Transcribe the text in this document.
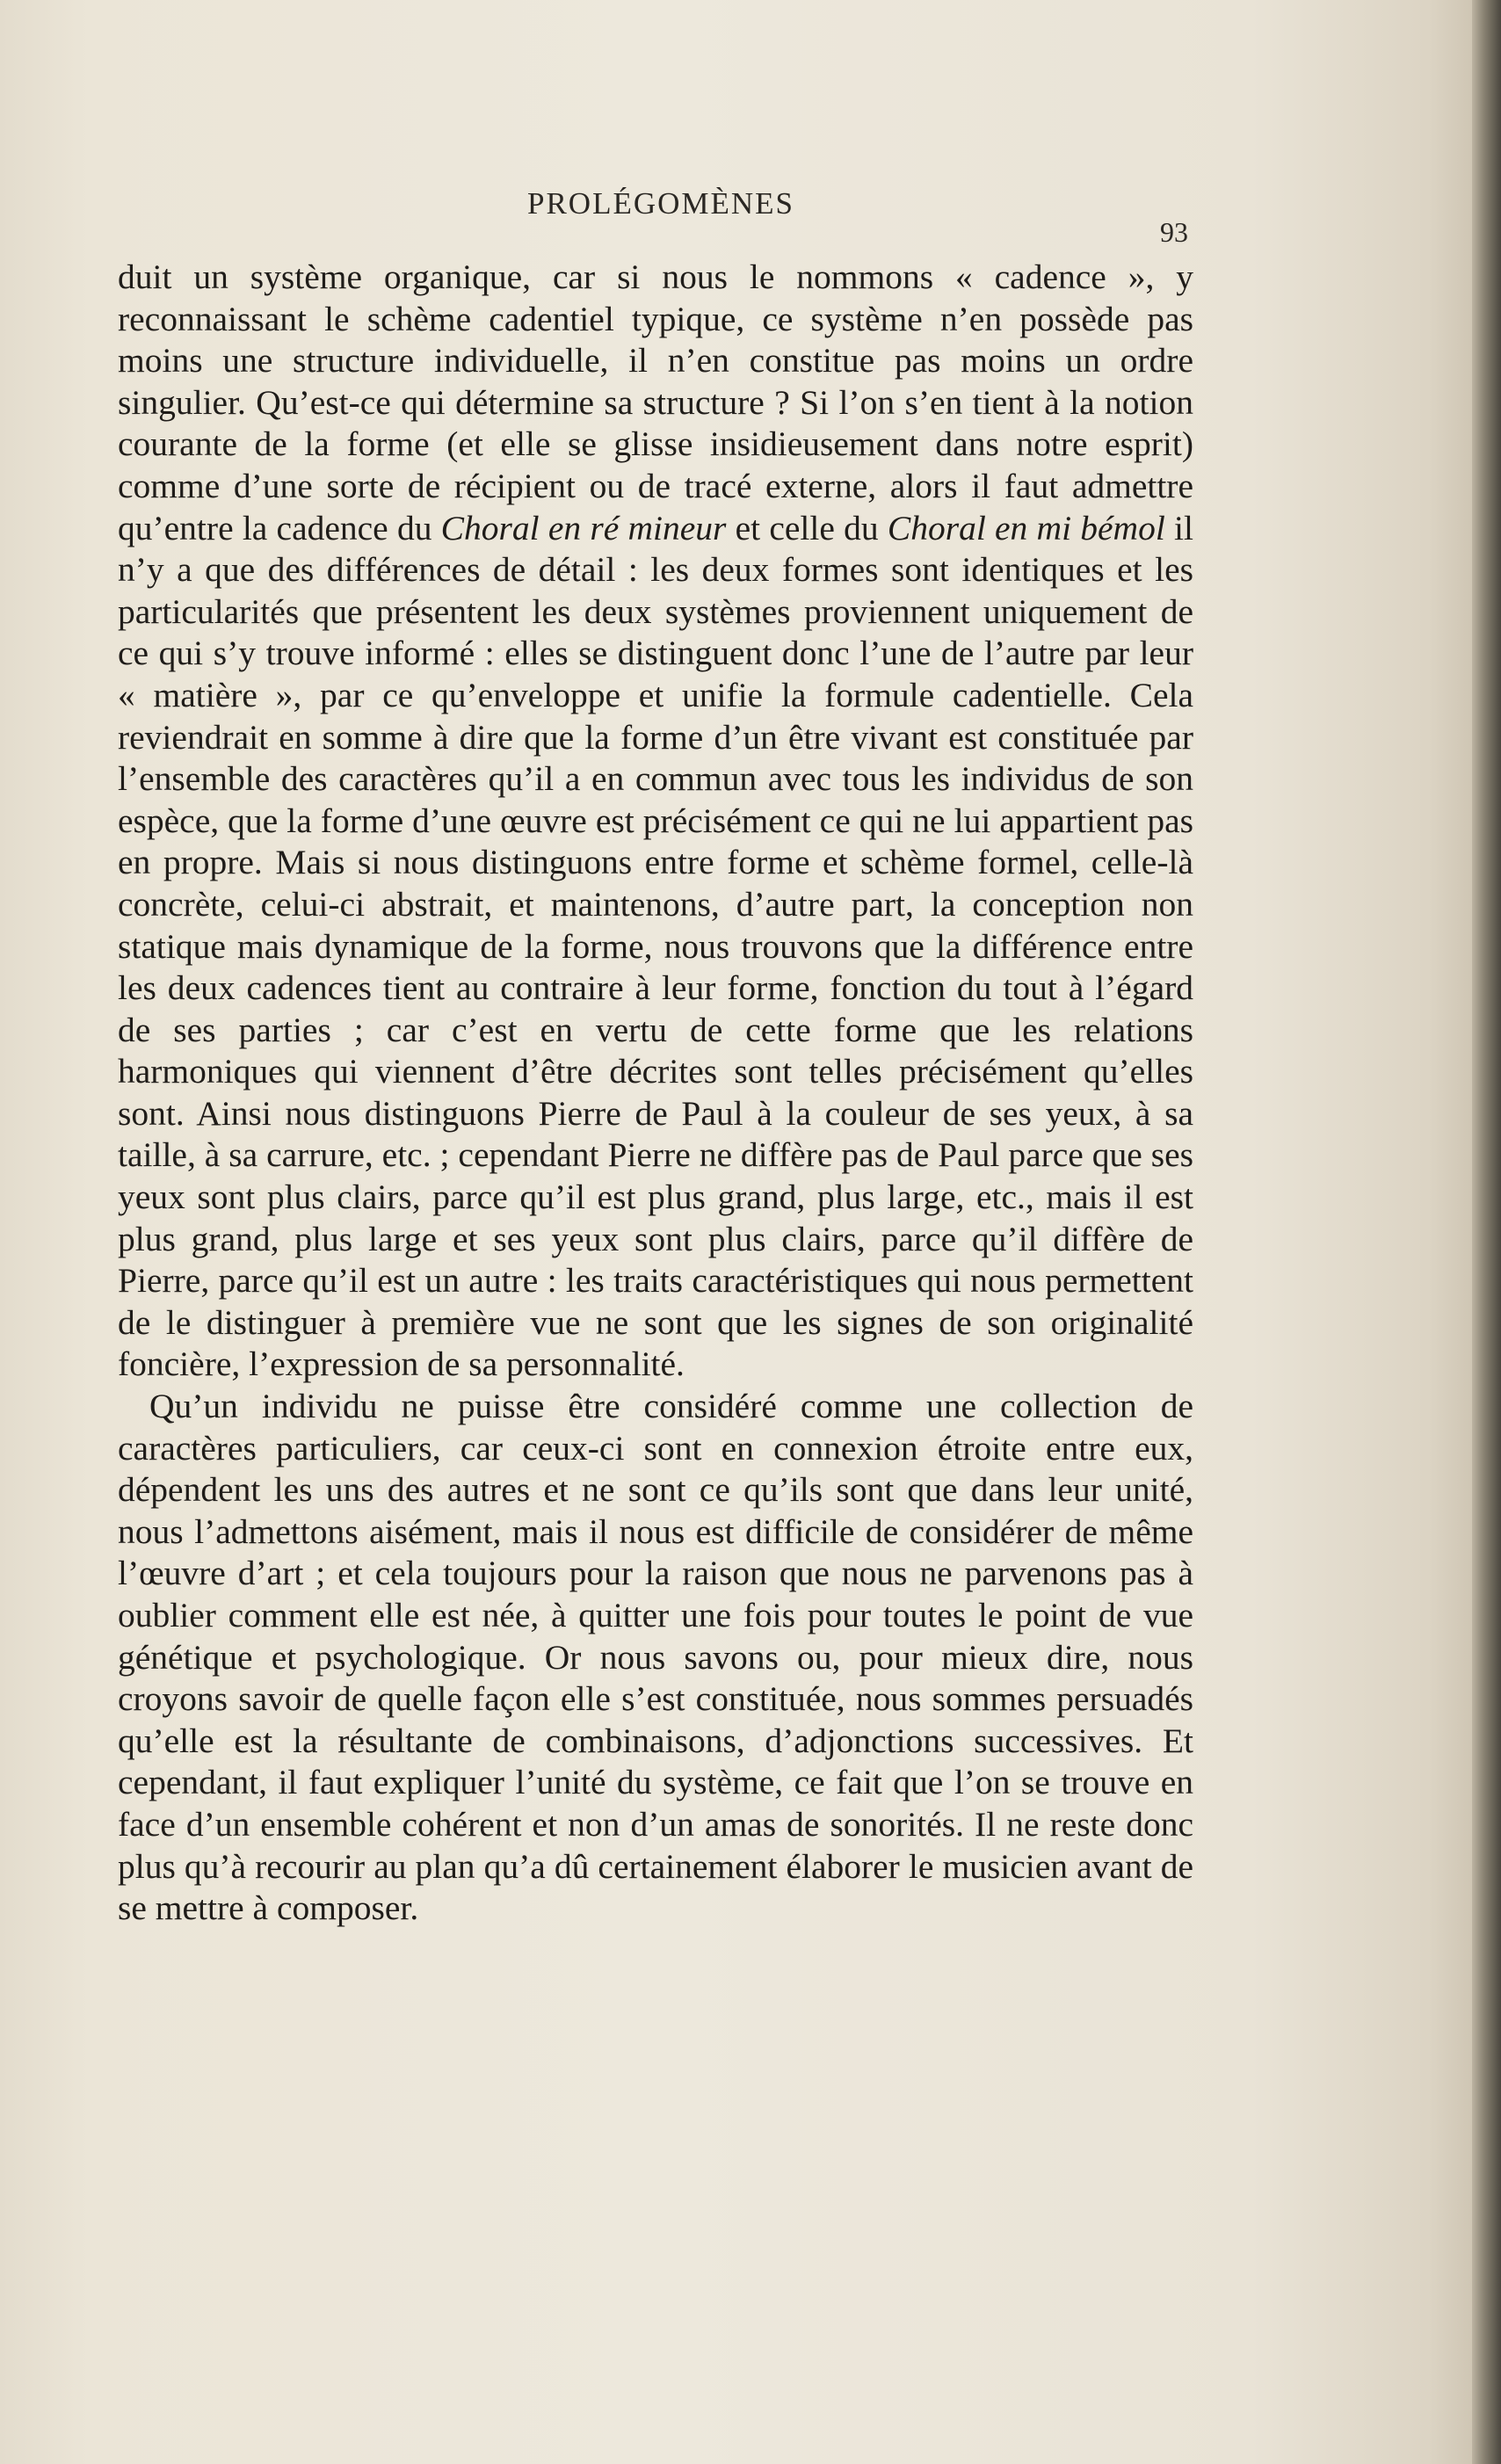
PROLÉGOMÈNES
93

duit un système organique, car si nous le nommons « cadence », y reconnaissant le schème cadentiel typique, ce système n’en possède pas moins une structure individuelle, il n’en constitue pas moins un ordre singulier. Qu’est-ce qui détermine sa structure ? Si l’on s’en tient à la notion courante de la forme (et elle se glisse insidieusement dans notre esprit) comme d’une sorte de récipient ou de tracé externe, alors il faut admettre qu’entre la cadence du Choral en ré mineur et celle du Choral en mi bémol il n’y a que des différences de détail : les deux formes sont identiques et les particularités que présentent les deux systèmes proviennent uniquement de ce qui s’y trouve informé : elles se distinguent donc l’une de l’autre par leur « matière », par ce qu’enveloppe et unifie la formule cadentielle. Cela reviendrait en somme à dire que la forme d’un être vivant est constituée par l’ensemble des caractères qu’il a en commun avec tous les individus de son espèce, que la forme d’une œuvre est précisément ce qui ne lui appartient pas en propre. Mais si nous distinguons entre forme et schème formel, celle-là concrète, celui-ci abstrait, et maintenons, d’autre part, la conception non statique mais dynamique de la forme, nous trouvons que la différence entre les deux cadences tient au contraire à leur forme, fonction du tout à l’égard de ses parties ; car c’est en vertu de cette forme que les relations harmoniques qui viennent d’être décrites sont telles précisément qu’elles sont. Ainsi nous distinguons Pierre de Paul à la couleur de ses yeux, à sa taille, à sa carrure, etc. ; cependant Pierre ne diffère pas de Paul parce que ses yeux sont plus clairs, parce qu’il est plus grand, plus large, etc., mais il est plus grand, plus large et ses yeux sont plus clairs, parce qu’il diffère de Pierre, parce qu’il est un autre : les traits caractéristiques qui nous permettent de le distinguer à première vue ne sont que les signes de son originalité foncière, l’expression de sa personnalité.

Qu’un individu ne puisse être considéré comme une collection de caractères particuliers, car ceux-ci sont en connexion étroite entre eux, dépendent les uns des autres et ne sont ce qu’ils sont que dans leur unité, nous l’admettons aisément, mais il nous est difficile de considérer de même l’œuvre d’art ; et cela toujours pour la raison que nous ne parvenons pas à oublier comment elle est née, à quitter une fois pour toutes le point de vue génétique et psychologique. Or nous savons ou, pour mieux dire, nous croyons savoir de quelle façon elle s’est constituée, nous sommes persuadés qu’elle est la résultante de combinaisons, d’adjonctions successives. Et cependant, il faut expliquer l’unité du système, ce fait que l’on se trouve en face d’un ensemble cohérent et non d’un amas de sonorités. Il ne reste donc plus qu’à recourir au plan qu’a dû certainement élaborer le musicien avant de se mettre à composer.
